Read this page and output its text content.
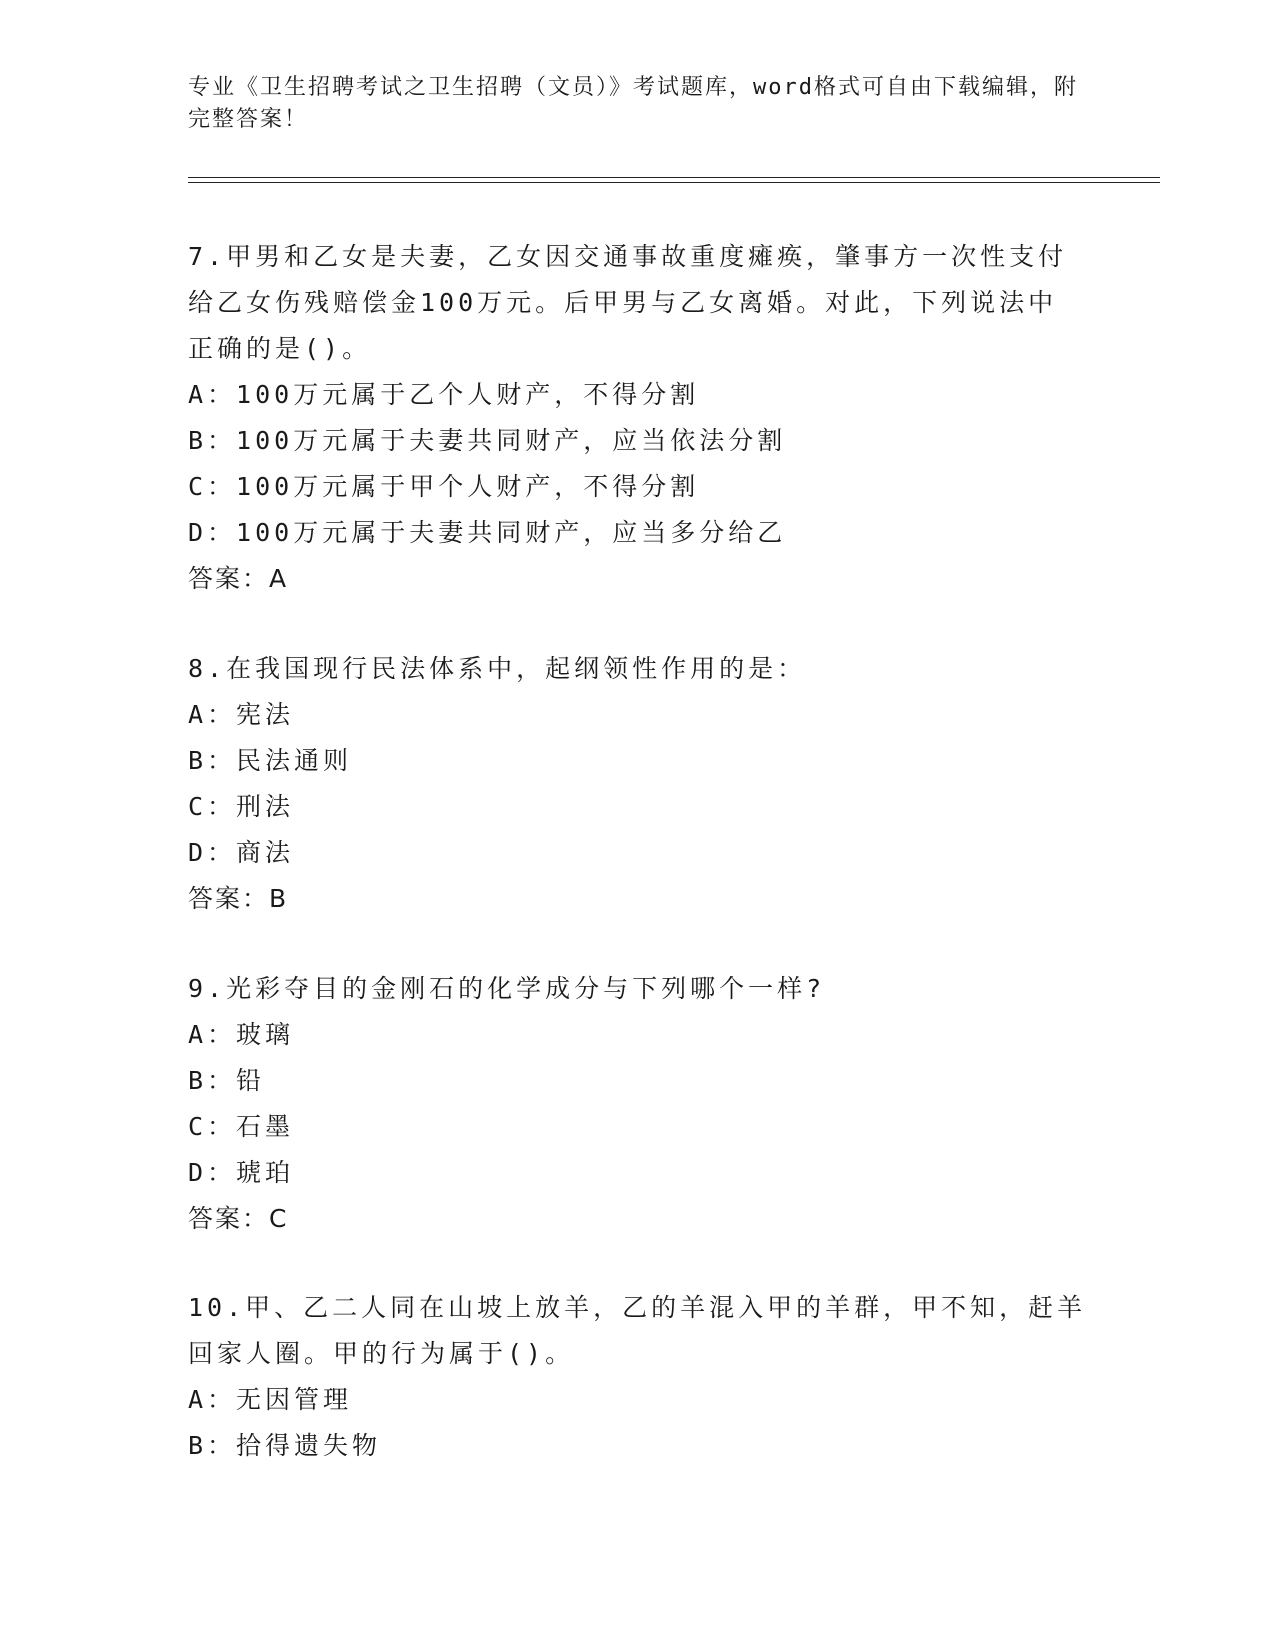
专业《卫生招聘考试之卫生招聘（文员）》考试题库，word格式可自由下载编辑，附完整答案！
7.甲男和乙女是夫妻，乙女因交通事故重度瘫痪，肇事方一次性支付
给乙女伤残赔偿金100万元。后甲男与乙女离婚。对此，下列说法中
正确的是()。
A：100万元属于乙个人财产，不得分割
B：100万元属于夫妻共同财产，应当依法分割
C：100万元属于甲个人财产，不得分割
D：100万元属于夫妻共同财产，应当多分给乙
答案：A
8.在我国现行民法体系中，起纲领性作用的是：
A：宪法
B：民法通则
C：刑法
D：商法
答案：B
9.光彩夺目的金刚石的化学成分与下列哪个一样?
A：玻璃
B：铅
C：石墨
D：琥珀
答案：C
10.甲、乙二人同在山坡上放羊，乙的羊混入甲的羊群，甲不知，赶羊
回家人圈。甲的行为属于()。
A：无因管理
B：拾得遗失物
